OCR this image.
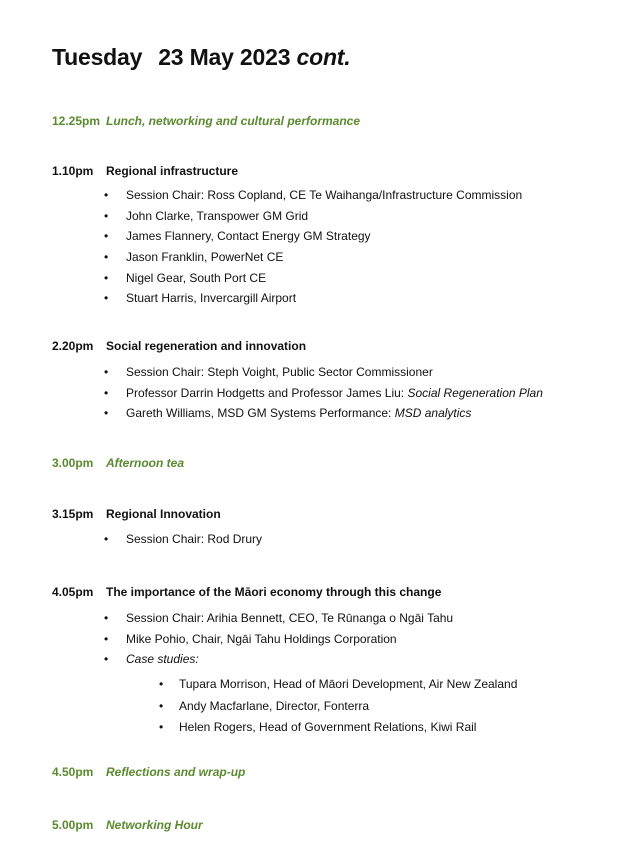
Tuesday 23 May 2023 cont.
12.25pm Lunch, networking and cultural performance
1.10pm Regional infrastructure
• Session Chair: Ross Copland, CE Te Waihanga/Infrastructure Commission
• John Clarke, Transpower GM Grid
• James Flannery, Contact Energy GM Strategy
• Jason Franklin, PowerNet CE
• Nigel Gear, South Port CE
• Stuart Harris, Invercargill Airport
2.20pm Social regeneration and innovation
• Session Chair: Steph Voight, Public Sector Commissioner
• Professor Darrin Hodgetts and Professor James Liu: Social Regeneration Plan
• Gareth Williams, MSD GM Systems Performance: MSD analytics
3.00pm Afternoon tea
3.15pm Regional Innovation
• Session Chair: Rod Drury
4.05pm The importance of the Māori economy through this change
• Session Chair: Arihia Bennett, CEO, Te Rūnanga o Ngāi Tahu
• Mike Pohio, Chair, Ngāi Tahu Holdings Corporation
• Case studies:
• Tupara Morrison, Head of Māori Development, Air New Zealand
• Andy Macfarlane, Director, Fonterra
• Helen Rogers, Head of Government Relations, Kiwi Rail
4.50pm Reflections and wrap-up
5.00pm Networking Hour
